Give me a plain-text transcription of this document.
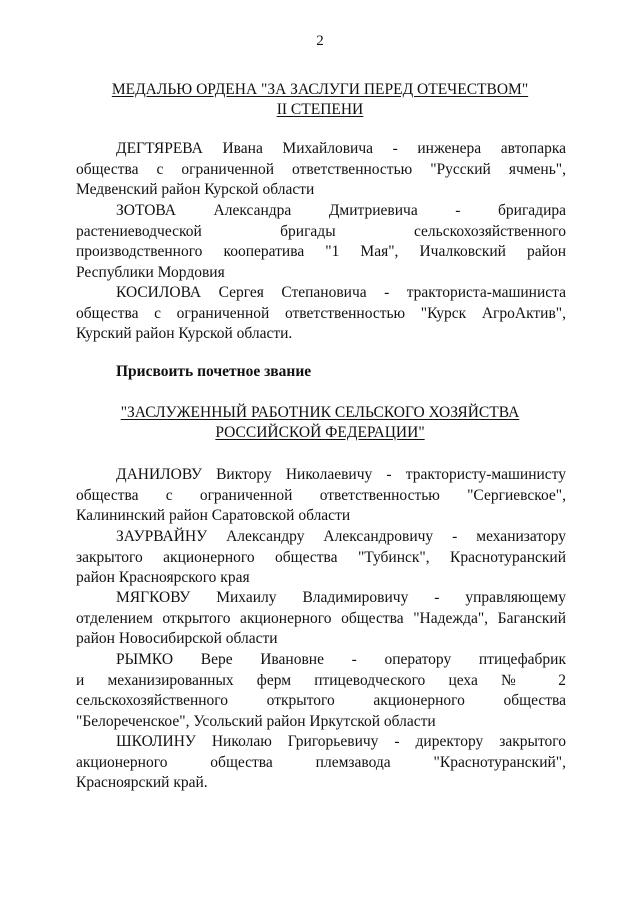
2
МЕДАЛЬЮ ОРДЕНА "ЗА ЗАСЛУГИ ПЕРЕД ОТЕЧЕСТВОМ"
II СТЕПЕНИ
ДЕГТЯРЕВА Ивана Михайловича - инженера автопарка
общества с ограниченной ответственностью "Русский ячмень",
Медвенский район Курской области
ЗОТОВА Александра Дмитриевича - бригадира
растениеводческой бригады сельскохозяйственного
производственного кооператива "1 Мая", Ичалковский район
Республики Мордовия
КОСИЛОВА Сергея Степановича - тракториста-машиниста
общества с ограниченной ответственностью "Курск АгроАктив",
Курский район Курской области.
Присвоить почетное звание
"ЗАСЛУЖЕННЫЙ РАБОТНИК СЕЛЬСКОГО ХОЗЯЙСТВА
РОССИЙСКОЙ ФЕДЕРАЦИИ"
ДАНИЛОВУ Виктору Николаевичу - трактористу-машинисту
общества с ограниченной ответственностью "Сергиевское",
Калининский район Саратовской области
ЗАУРВАЙНУ Александру Александровичу - механизатору
закрытого акционерного общества "Тубинск", Краснотуранский
район Красноярского края
МЯГКОВУ Михаилу Владимировичу - управляющему
отделением открытого акционерного общества "Надежда", Баганский
район Новосибирской области
РЫМКО Вере Ивановне - оператору птицефабрик
и механизированных ферм птицеводческого цеха № 2
сельскохозяйственного открытого акционерного общества
"Белореченское", Усольский район Иркутской области
ШКОЛИНУ Николаю Григорьевичу - директору закрытого
акционерного общества племзавода "Краснотуранский",
Красноярский край.
